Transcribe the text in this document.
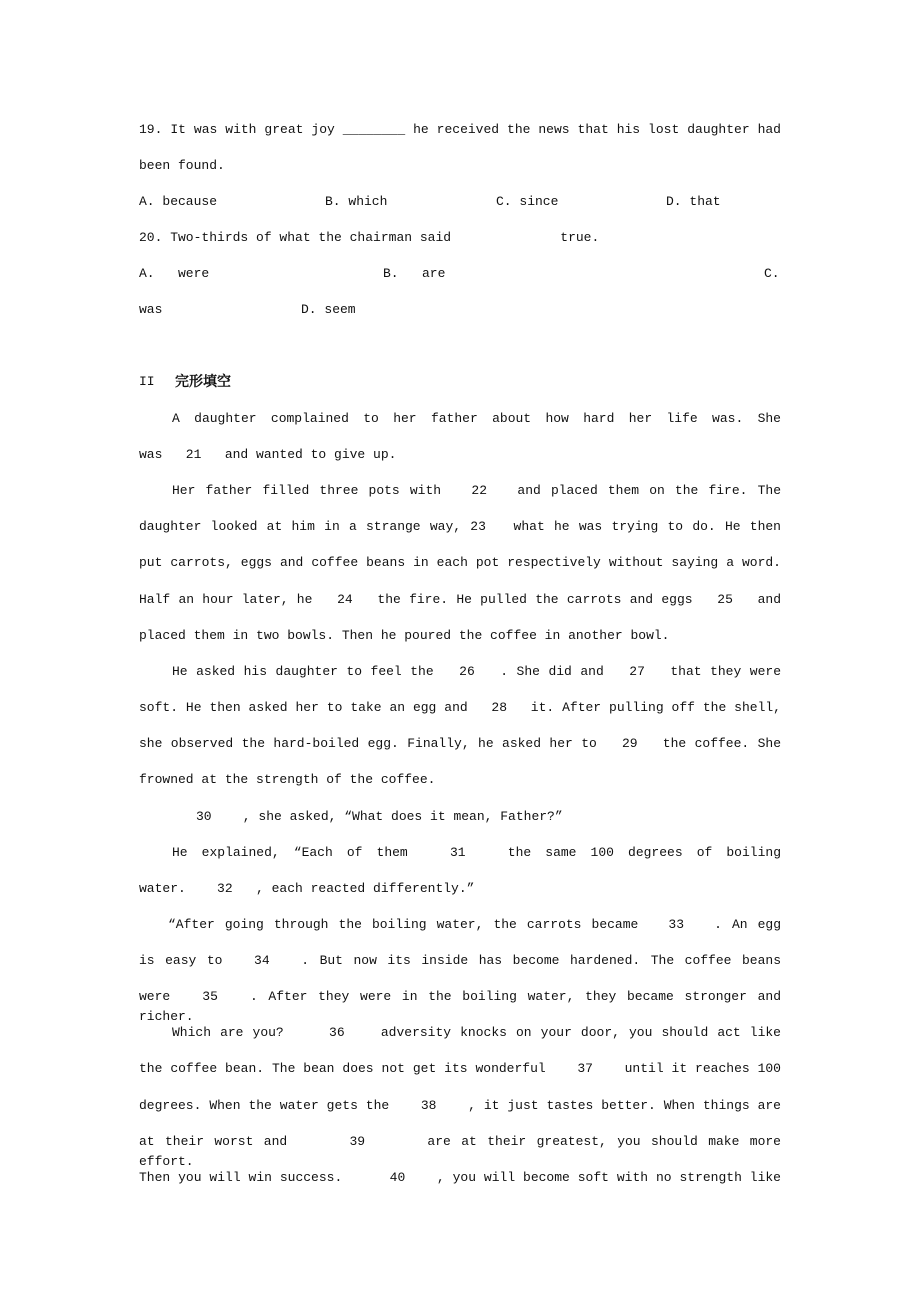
19. It was with great joy ________ he received the news that his lost daughter had
been found.
A. because	B. which	C. since	D. that
20. Two-thirds of what the chairman said              true.
A.   were	B.   are	C.
was	D. seem
II 完形填空
A daughter complained to her father about how hard her life was. She
was   21   and wanted to give up.
Her father filled three pots with   22   and placed them on the fire. The
daughter looked at him in a strange way, 23   what he was trying to do. He then
put carrots, eggs and coffee beans in each pot respectively without saying a word.
Half an hour later, he   24   the fire. He pulled the carrots and eggs   25   and
placed them in two bowls. Then he poured the coffee in another bowl.
He asked his daughter to feel the   26   . She did and   27   that they were
soft. He then asked her to take an egg and   28   it. After pulling off the shell,
she observed the hard-boiled egg. Finally, he asked her to   29   the coffee. She
frowned at the strength of the coffee.
30    , she asked, “What does it mean, Father?”
He explained, “Each of them   31   the same 100 degrees of boiling
water.    32   , each reacted differently.”
“After going through the boiling water, the carrots became   33   . An egg
is easy to   34   . But now its inside has become hardened. The coffee beans
were   35   . After they were in the boiling water, they became stronger and richer.
Which are you?     36    adversity knocks on your door, you should act like
the coffee bean. The bean does not get its wonderful    37    until it reaches 100
degrees. When the water gets the    38    , it just tastes better. When things are
at their worst and      39      are at their greatest, you should make more effort.
Then you will win success.      40    , you will become soft with no strength like
